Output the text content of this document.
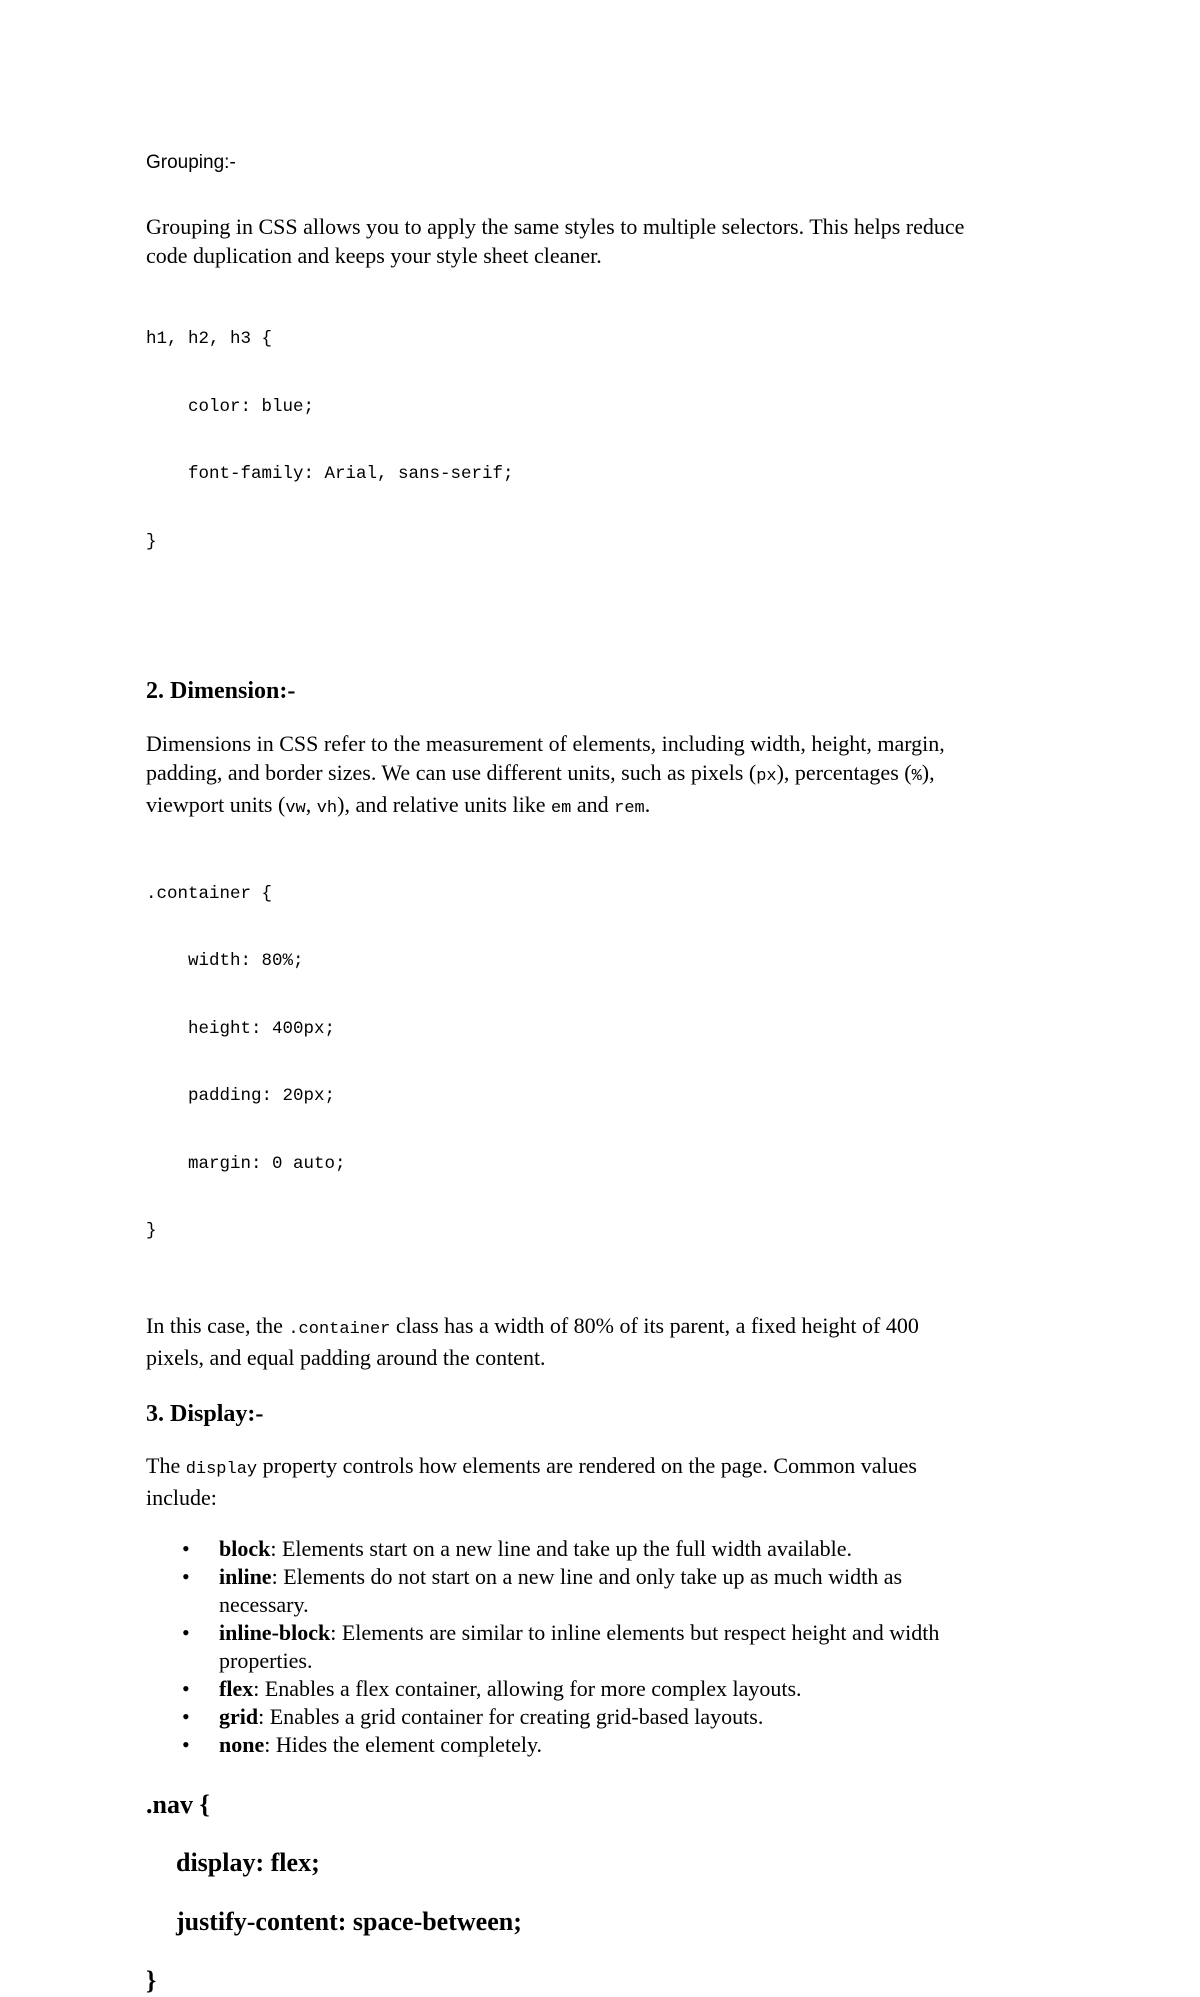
Grouping:-
Grouping in CSS allows you to apply the same styles to multiple selectors. This helps reduce
code duplication and keeps your style sheet cleaner.

h1, h2, h3 {

color: blue;

font-family: Arial, sans-serif;

}

2. Dimension:-
Dimensions in CSS refer to the measurement of elements, including width, height, margin,
padding, and border sizes. We can use different units, such as pixels (px), percentages (%),
viewport units (vw, vh), and relative units like em and rem.

.container {

width: 80%;

height: 400px;

padding: 20px;

margin: 0 auto;

}

In this case, the .container class has a width of 80% of its parent, a fixed height of 400
pixels, and equal padding around the content.
3. Display:-
The display property controls how elements are rendered on the page. Common values
include:
• block: Elements start on a new line and take up the full width available.
• inline: Elements do not start on a new line and only take up as much width as
necessary.
• inline-block: Elements are similar to inline elements but respect height and width
properties.
• flex: Enables a flex container, allowing for more complex layouts.
• grid: Enables a grid container for creating grid-based layouts.
• none: Hides the element completely.
.nav {
display: flex;
justify-content: space-between;
}
